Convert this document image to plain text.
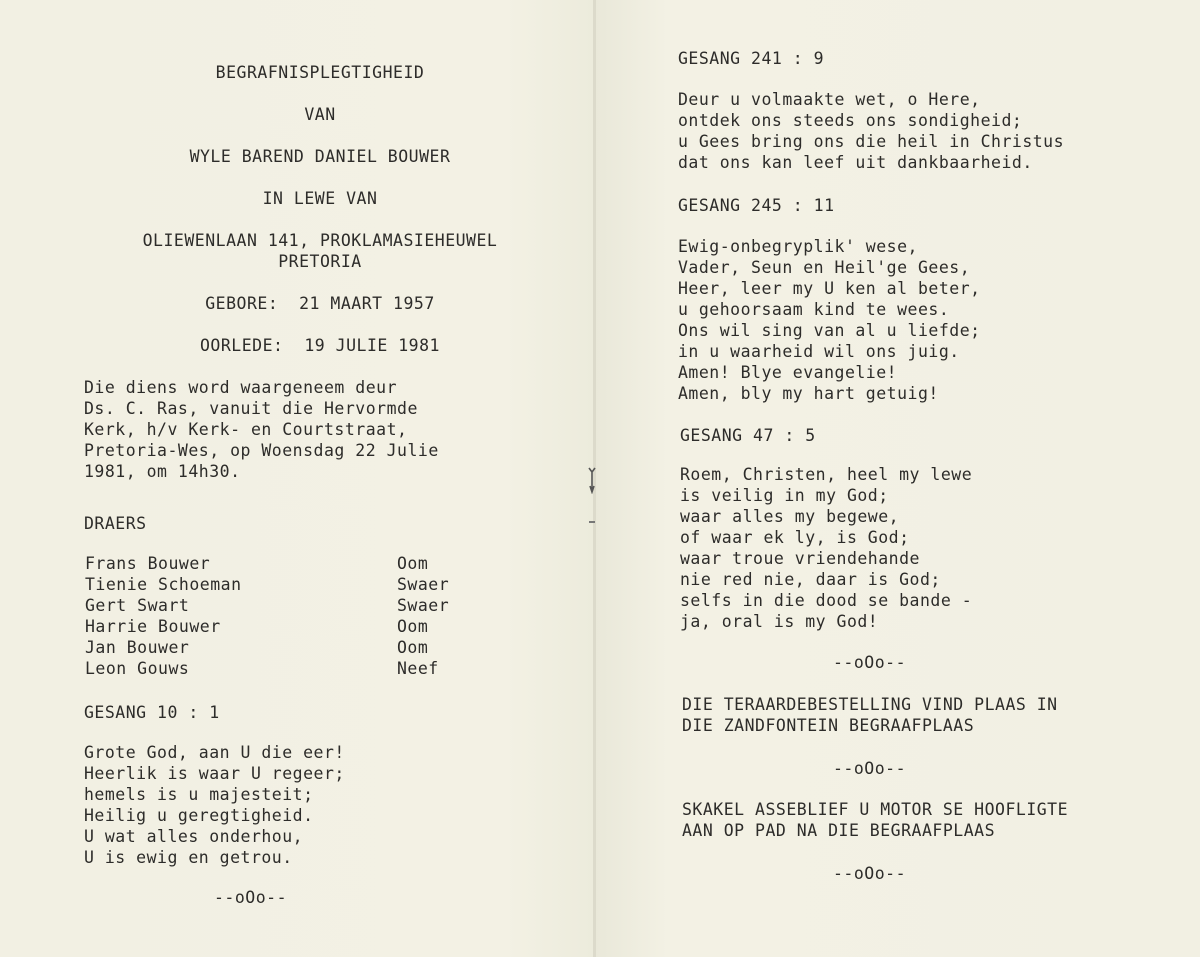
BEGRAFNISPLEGTIGHEID
VAN
WYLE BAREND DANIEL BOUWER
IN LEWE VAN
OLIEWENLAAN 141, PROKLAMASIEHEUWEL
PRETORIA
GEBORE:  21 MAART 1957
OORLEDE:  19 JULIE 1981
Die diens word waargeneem deur
Ds. C. Ras, vanuit die Hervormde
Kerk, h/v Kerk- en Courtstraat,
Pretoria-Wes, op Woensdag 22 Julie
1981, om 14h30.
DRAERS
Frans Bouwer	Oom
Tienie Schoeman	Swaer
Gert Swart	Swaer
Harrie Bouwer	Oom
Jan Bouwer	Oom
Leon Gouws	Neef
GESANG 10 : 1
Grote God, aan U die eer!
Heerlik is waar U regeer;
hemels is u majesteit;
Heilig u geregtigheid.
U wat alles onderhou,
U is ewig en getrou.
--oOo--
GESANG 241 : 9
Deur u volmaakte wet, o Here,
ontdek ons steeds ons sondigheid;
u Gees bring ons die heil in Christus
dat ons kan leef uit dankbaarheid.
GESANG 245 : 11
Ewig-onbegryplik' wese,
Vader, Seun en Heil'ge Gees,
Heer, leer my U ken al beter,
u gehoorsaam kind te wees.
Ons wil sing van al u liefde;
in u waarheid wil ons juig.
Amen! Blye evangelie!
Amen, bly my hart getuig!
GESANG 47 : 5
Roem, Christen, heel my lewe
is veilig in my God;
waar alles my begewe,
of waar ek ly, is God;
waar troue vriendehande
nie red nie, daar is God;
selfs in die dood se bande -
ja, oral is my God!
--oOo--
DIE TERAARDEBESTELLING VIND PLAAS IN
DIE ZANDFONTEIN BEGRAAFPLAAS
--oOo--
SKAKEL ASSEBLIEF U MOTOR SE HOOFLIGTE
AAN OP PAD NA DIE BEGRAAFPLAAS
--oOo--
